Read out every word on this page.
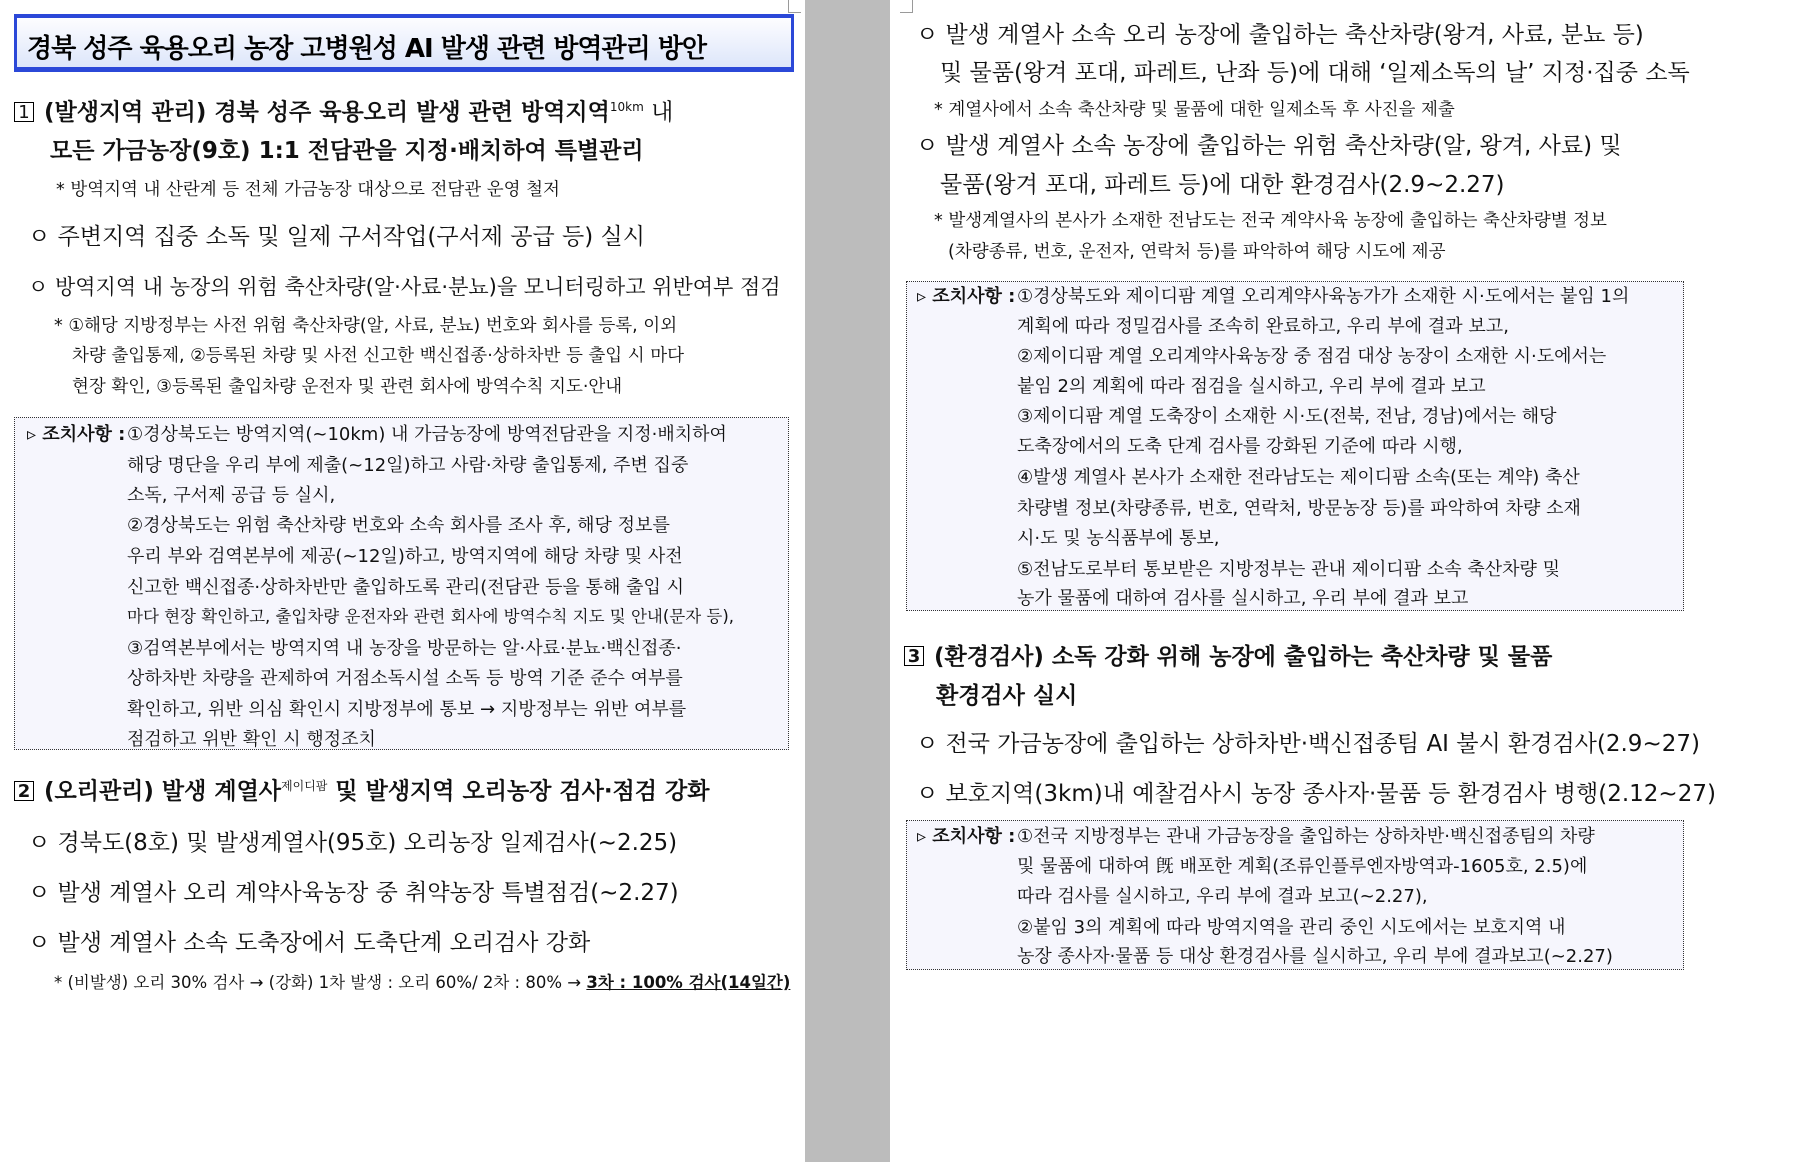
경북 성주 육용오리 농장 고병원성 AI 발생 관련 방역관리 방안
1 (발생지역 관리) 경북 성주 육용오리 발생 관련 방역지역$^{10km}$ 내
모든 가금농장(9호) 1:1 전담관을 지정·배치하여 특별관리
* 방역지역 내 산란계 등 전체 가금농장 대상으로 전담관 운영 철저
ㅇ 주변지역 집중 소독 및 일제 구서작업(구서제 공급 등) 실시
ㅇ 방역지역 내 농장의 위험 축산차량(알·사료·분뇨)을 모니터링하고 위반여부 점검
* ①해당 지방정부는 사전 위험 축산차량(알, 사료, 분뇨) 번호와 회사를 등록, 이외
차량 출입통제, ②등록된 차량 및 사전 신고한 백신접종·상하차반 등 출입 시 마다
현장 확인, ③등록된 출입차량 운전자 및 관련 회사에 방역수칙 지도·안내
▹ 조치사항 : ①경상북도는 방역지역(~10km) 내 가금농장에 방역전담관을 지정·배치하여
해당 명단을 우리 부에 제출(~12일)하고 사람·차량 출입통제, 주변 집중
소독, 구서제 공급 등 실시,
②경상북도는 위험 축산차량 번호와 소속 회사를 조사 후, 해당 정보를
우리 부와 검역본부에 제공(~12일)하고, 방역지역에 해당 차량 및 사전
신고한 백신접종·상하차반만 출입하도록 관리(전담관 등을 통해 출입 시
마다 현장 확인하고, 출입차량 운전자와 관련 회사에 방역수칙 지도 및 안내(문자 등),
③검역본부에서는 방역지역 내 농장을 방문하는 알·사료·분뇨·백신접종·
상하차반 차량을 관제하여 거점소독시설 소독 등 방역 기준 준수 여부를
확인하고, 위반 의심 확인시 지방정부에 통보 → 지방정부는 위반 여부를
점검하고 위반 확인 시 행정조치
2 (오리관리) 발생 계열사$^{제이디팜}$ 및 발생지역 오리농장 검사·점검 강화
ㅇ 경북도(8호) 및 발생계열사(95호) 오리농장 일제검사(~2.25)
ㅇ 발생 계열사 오리 계약사육농장 중 취약농장 특별점검(~2.27)
ㅇ 발생 계열사 소속 도축장에서 도축단계 오리검사 강화
* (비발생) 오리 30% 검사 → (강화) 1차 발생 : 오리 60%/ 2차 : 80% → 3차 : 100% 검사(14일간)
ㅇ 발생 계열사 소속 오리 농장에 출입하는 축산차량(왕겨, 사료, 분뇨 등)
및 물품(왕겨 포대, 파레트, 난좌 등)에 대해 ‘일제소독의 날’ 지정·집중 소독
* 계열사에서 소속 축산차량 및 물품에 대한 일제소독 후 사진을 제출
ㅇ 발생 계열사 소속 농장에 출입하는 위험 축산차량(알, 왕겨, 사료) 및
물품(왕겨 포대, 파레트 등)에 대한 환경검사(2.9~2.27)
* 발생계열사의 본사가 소재한 전남도는 전국 계약사육 농장에 출입하는 축산차량별 정보
(차량종류, 번호, 운전자, 연락처 등)를 파악하여 해당 시도에 제공
▹ 조치사항 : ①경상북도와 제이디팜 계열 오리계약사육농가가 소재한 시·도에서는 붙임 1의
계획에 따라 정밀검사를 조속히 완료하고, 우리 부에 결과 보고,
②제이디팜 계열 오리계약사육농장 중 점검 대상 농장이 소재한 시·도에서는
붙임 2의 계획에 따라 점검을 실시하고, 우리 부에 결과 보고
③제이디팜 계열 도축장이 소재한 시·도(전북, 전남, 경남)에서는 해당
도축장에서의 도축 단계 검사를 강화된 기준에 따라 시행,
④발생 계열사 본사가 소재한 전라남도는 제이디팜 소속(또는 계약) 축산
차량별 정보(차량종류, 번호, 연락처, 방문농장 등)를 파악하여 차량 소재
시·도 및 농식품부에 통보,
⑤전남도로부터 통보받은 지방정부는 관내 제이디팜 소속 축산차량 및
농가 물품에 대하여 검사를 실시하고, 우리 부에 결과 보고
3 (환경검사) 소독 강화 위해 농장에 출입하는 축산차량 및 물품
환경검사 실시
ㅇ 전국 가금농장에 출입하는 상하차반·백신접종팀 AI 불시 환경검사(2.9~27)
ㅇ 보호지역(3km)내 예찰검사시 농장 종사자·물품 등 환경검사 병행(2.12~27)
▹ 조치사항 : ①전국 지방정부는 관내 가금농장을 출입하는 상하차반·백신접종팀의 차량
및 물품에 대하여 旣 배포한 계획(조류인플루엔자방역과-1605호, 2.5)에
따라 검사를 실시하고, 우리 부에 결과 보고(~2.27),
②붙임 3의 계획에 따라 방역지역을 관리 중인 시도에서는 보호지역 내
농장 종사자·물품 등 대상 환경검사를 실시하고, 우리 부에 결과보고(~2.27)
